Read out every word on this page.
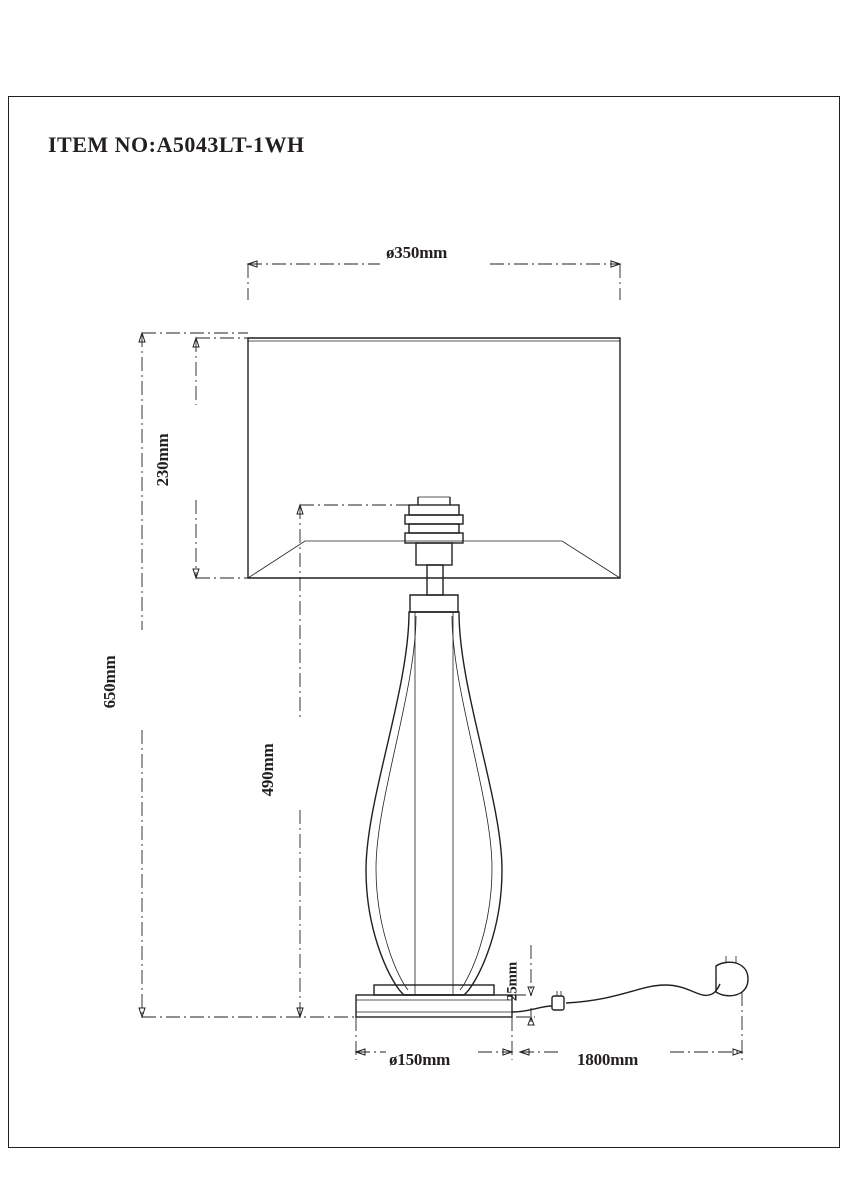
ITEM NO:A5043LT-1WH
ø350mm
230mm
650mm
490mm
25mm
ø150mm	1800mm
